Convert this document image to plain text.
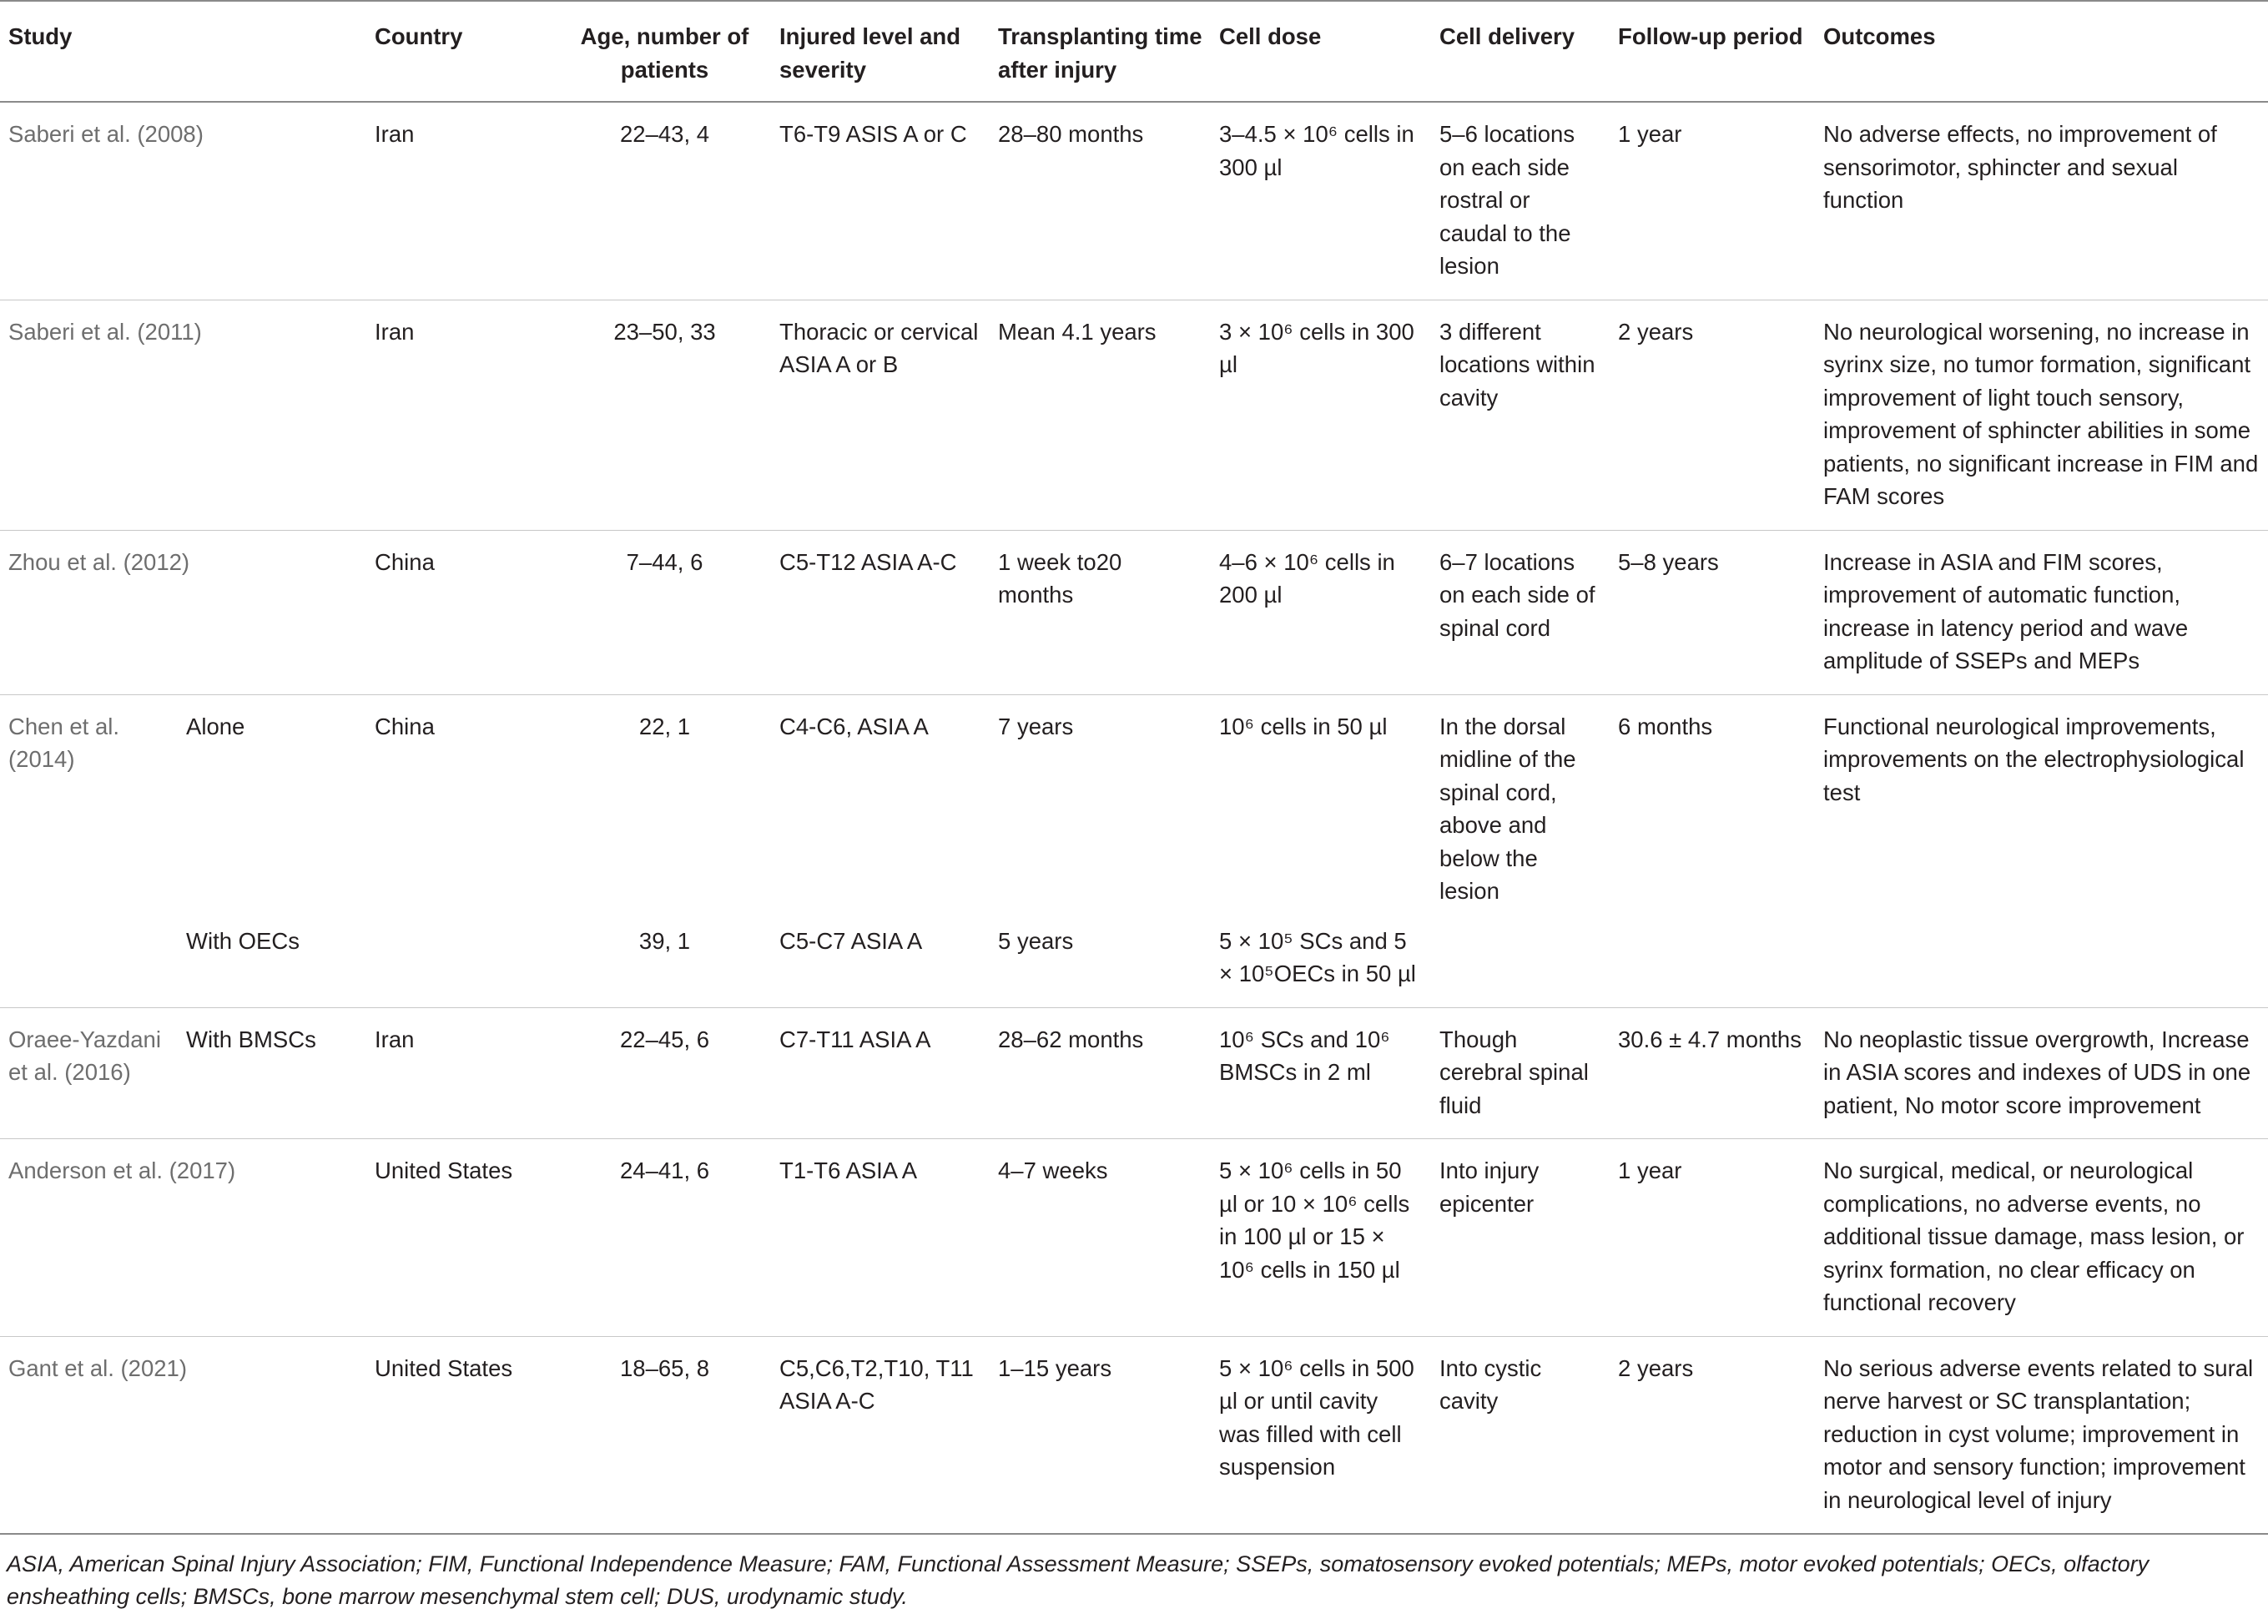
Study		Country	Age, number of patients	Injured level and severity	Transplanting time after injury	Cell dose	Cell delivery	Follow-up period	Outcomes
Saberi et al. (2008)		Iran	22–43, 4	T6-T9 ASIS A or C	28–80 months	3–4.5 × 10⁶ cells in 300 µl	5–6 locations on each side rostral or caudal to the lesion	1 year	No adverse effects, no improvement of sensorimotor, sphincter and sexual function
Saberi et al. (2011)		Iran	23–50, 33	Thoracic or cervical ASIA A or B	Mean 4.1 years	3 × 10⁶ cells in 300 µl	3 different locations within cavity	2 years	No neurological worsening, no increase in syrinx size, no tumor formation, significant improvement of light touch sensory, improvement of sphincter abilities in some patients, no significant increase in FIM and FAM scores
Zhou et al. (2012)		China	7–44, 6	C5-T12 ASIA A-C	1 week to20 months	4–6 × 10⁶ cells in 200 µl	6–7 locations on each side of spinal cord	5–8 years	Increase in ASIA and FIM scores, improvement of automatic function, increase in latency period and wave amplitude of SSEPs and MEPs
Chen et al. (2014)	Alone	China	22, 1	C4-C6, ASIA A	7 years	10⁶ cells in 50 µl	In the dorsal midline of the spinal cord, above and below the lesion	6 months	Functional neurological improvements, improvements on the electrophysiological test
	With OECs		39, 1	C5-C7 ASIA A	5 years	5 × 10⁵ SCs and 5 × 10⁵OECs in 50 µl			
Oraee-Yazdani et al. (2016)	With BMSCs	Iran	22–45, 6	C7-T11 ASIA A	28–62 months	10⁶ SCs and 10⁶ BMSCs in 2 ml	Though cerebral spinal fluid	30.6 ± 4.7 months	No neoplastic tissue overgrowth, Increase in ASIA scores and indexes of UDS in one patient, No motor score improvement
Anderson et al. (2017)		United States	24–41, 6	T1-T6 ASIA A	4–7 weeks	5 × 10⁶ cells in 50 µl or 10 × 10⁶ cells in 100 µl or 15 × 10⁶ cells in 150 µl	Into injury epicenter	1 year	No surgical, medical, or neurological complications, no adverse events, no additional tissue damage, mass lesion, or syrinx formation, no clear efficacy on functional recovery
Gant et al. (2021)		United States	18–65, 8	C5,C6,T2,T10, T11 ASIA A-C	1–15 years	5 × 10⁶ cells in 500 µl or until cavity was filled with cell suspension	Into cystic cavity	2 years	No serious adverse events related to sural nerve harvest or SC transplantation; reduction in cyst volume; improvement in motor and sensory function; improvement in neurological level of injury
ASIA, American Spinal Injury Association; FIM, Functional Independence Measure; FAM, Functional Assessment Measure; SSEPs, somatosensory evoked potentials; MEPs, motor evoked potentials; OECs, olfactory ensheathing cells; BMSCs, bone marrow mesenchymal stem cell; DUS, urodynamic study.
